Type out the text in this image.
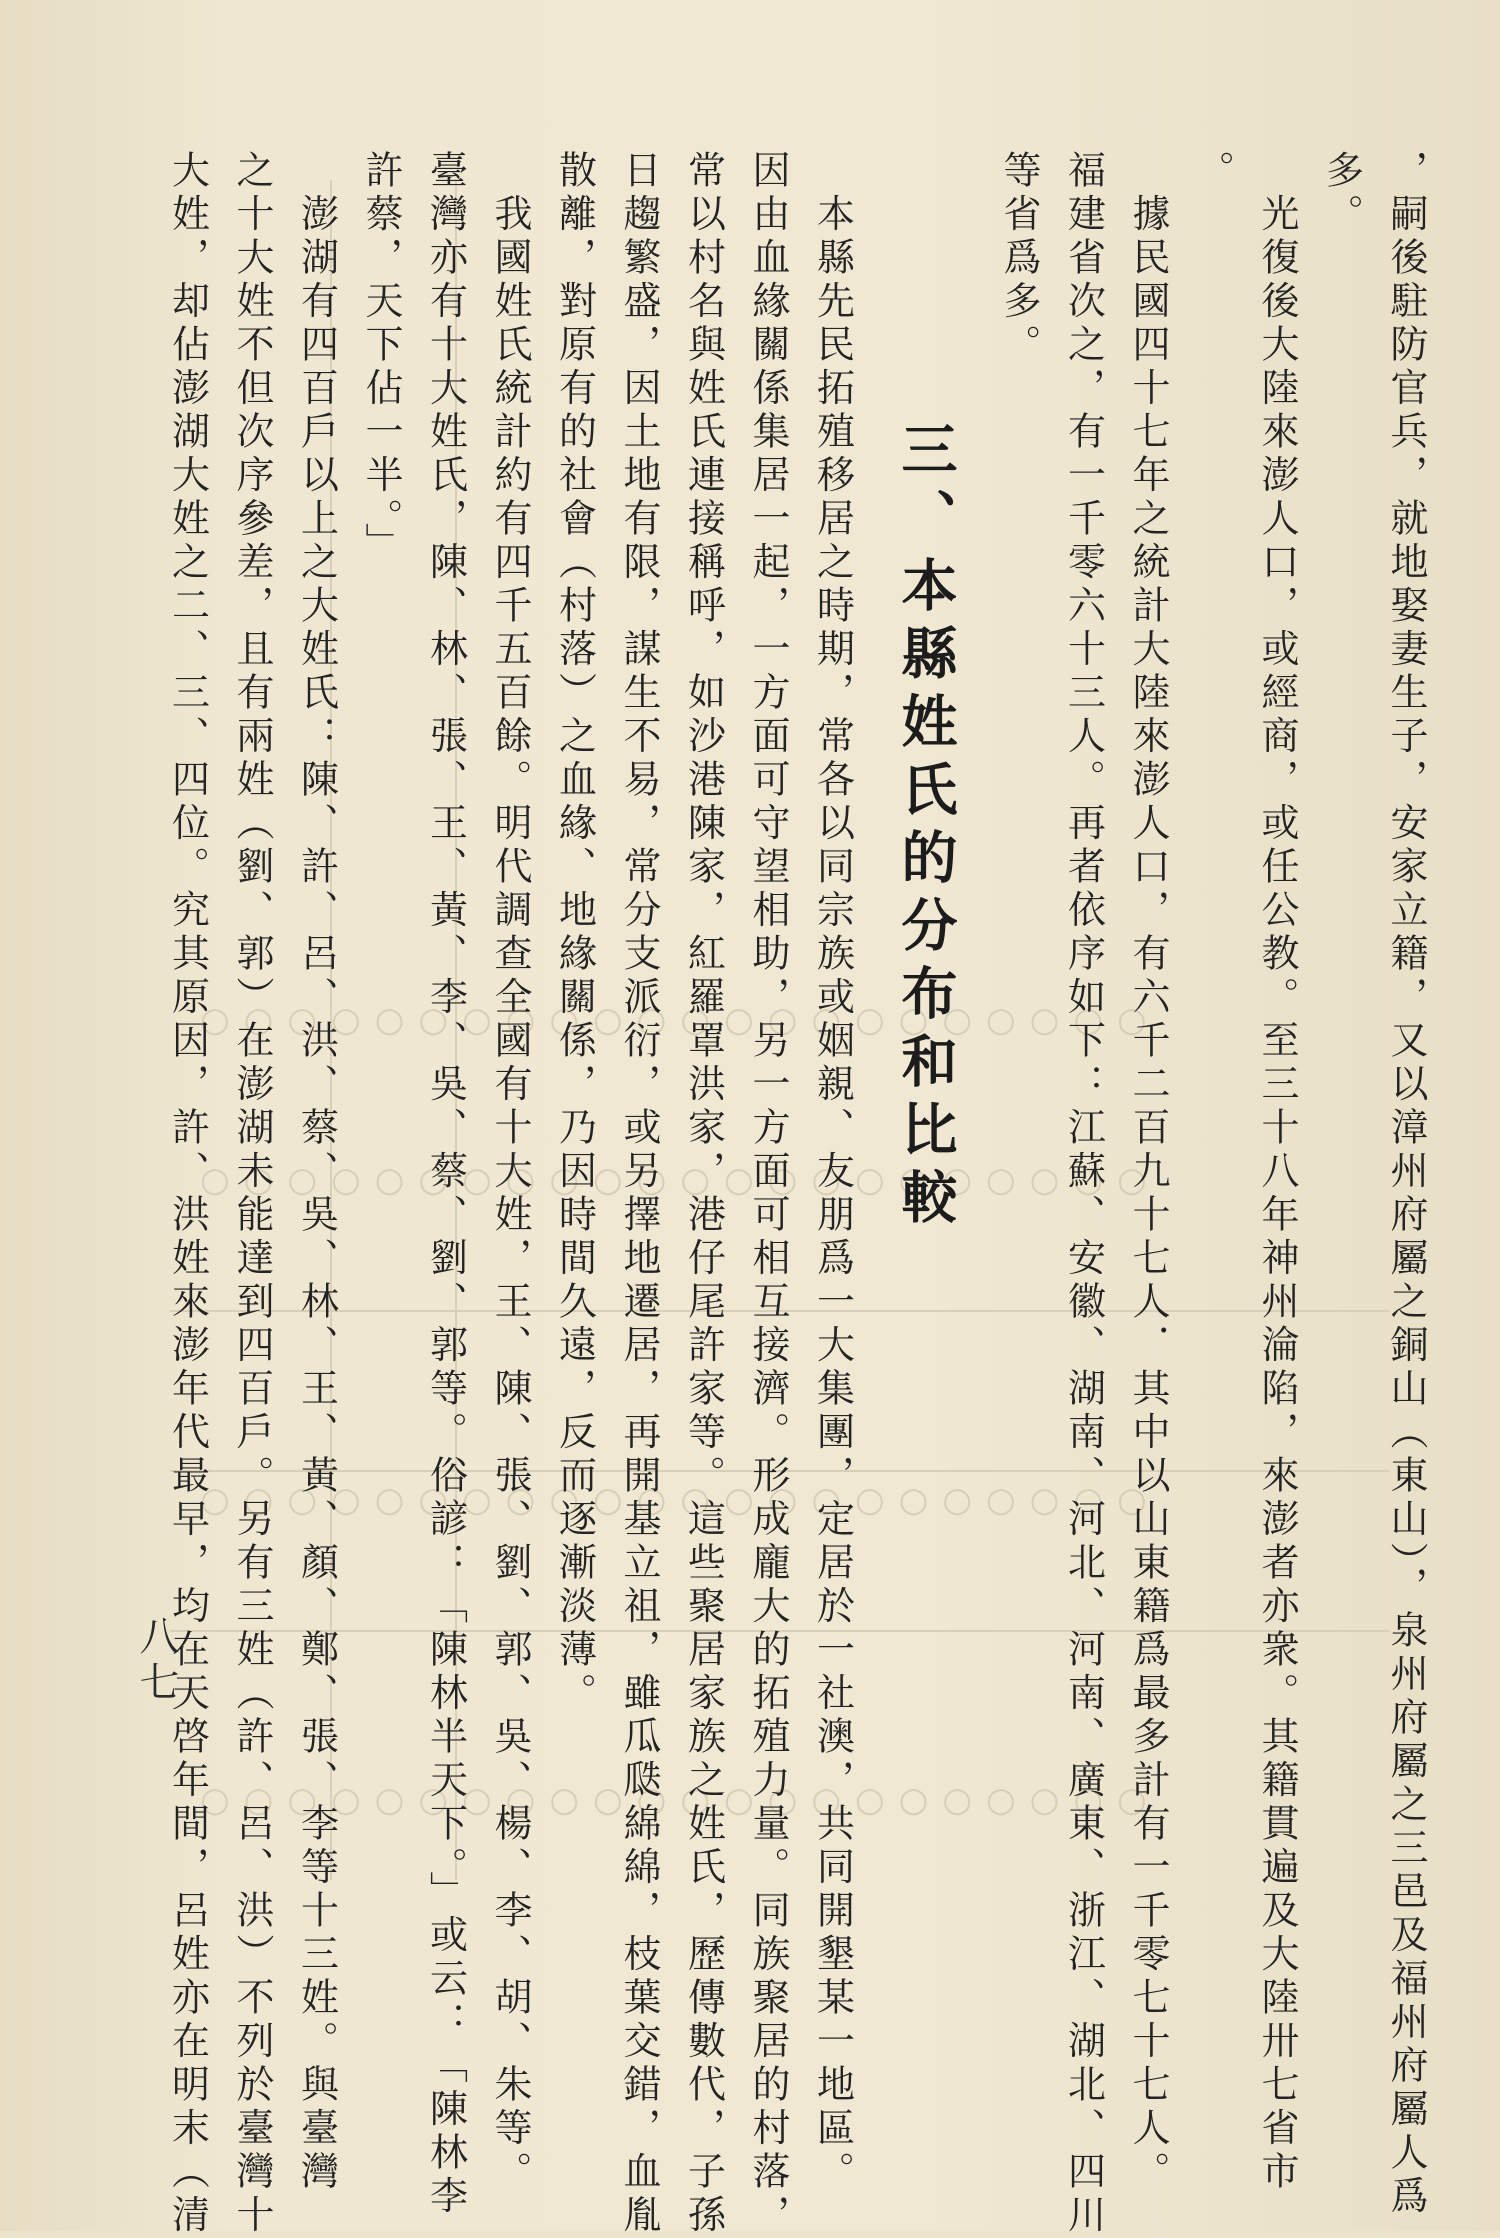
○○○○○○○○○○○○○○○○○○○○○○
○○○○○○○○○○○○○○○○○○○○○○
○○○○○○○○○○○○○○○○○○○○○○
○○○○○○○○○○○○○○○○○○○○○○	，嗣後駐防官兵，就地娶妻生子，安家立籍，又以漳州府屬之銅山（東山），泉州府屬之三邑及福州府屬人爲
多。
　光復後大陸來澎人口，或經商，或任公教。至三十八年神州淪陷，來澎者亦衆。其籍貫遍及大陸卅七省市
。
　據民國四十七年之統計大陸來澎人口，有六千二百九十七人．其中以山東籍爲最多計有一千零七十七人。
福建省次之，有一千零六十三人。再者依序如下：江蘇、安徽、湖南、河北、河南、廣東、浙江、湖北、四川
等省爲多。
三、本縣姓氏的分布和比較
　本縣先民拓殖移居之時期，常各以同宗族或姻親、友朋爲一大集團，定居於一社澳，共同開墾某一地區。
因由血緣關係集居一起，一方面可守望相助，另一方面可相互接濟。形成龐大的拓殖力量。同族聚居的村落，
常以村名與姓氏連接稱呼，如沙港陳家，紅羅罩洪家，港仔尾許家等。這些聚居家族之姓氏，歷傳數代，子孫
日趨繁盛，因土地有限，謀生不易，常分支派衍，或另擇地遷居，再開基立祖，雖瓜瓞綿綿，枝葉交錯，血胤
散離，對原有的社會（村落）之血緣、地緣關係，乃因時間久遠，反而逐漸淡薄。
　我國姓氏統計約有四千五百餘。明代調查全國有十大姓，王、陳、張、劉、郭、吳、楊、李、胡、朱等。
臺灣亦有十大姓氏，陳、林、張、王、黃、李、吳、蔡、劉、郭等。俗諺：「陳林半天下。」或云：「陳林李
許蔡，天下佔一半。」
　澎湖有四百戶以上之大姓氏：陳、許、呂、洪、蔡、吳、林、王、黃、顏、鄭、張、李等十三姓。與臺灣
之十大姓不但次序參差，且有兩姓（劉、郭）在澎湖未能達到四百戶。另有三姓（許、呂、洪）不列於臺灣十
大姓，却佔澎湖大姓之二、三、四位。究其原因，許、洪姓來澎年代最早，均在天啓年間，呂姓亦在明末（清
八七
